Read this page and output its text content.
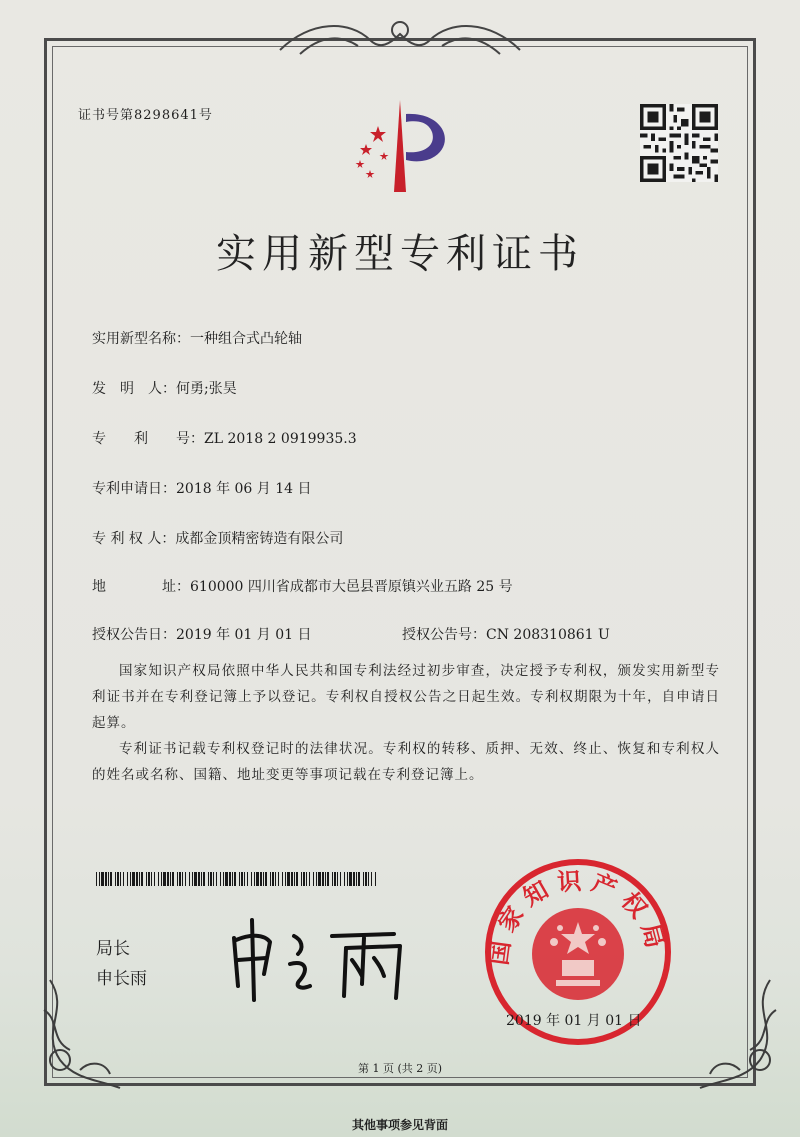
证书号第8298641号
实用新型专利证书
实用新型名称：一种组合式凸轮轴
发　明　人：何勇;张昊
专　　利　　号：ZL 2018 2 0919935.3
专利申请日：2018 年 06 月 14 日
专 利 权 人：成都金顶精密铸造有限公司
地　　　　址：610000 四川省成都市大邑县晋原镇兴业五路 25 号
授权公告日：2019 年 01 月 01 日	授权公告号：CN 208310861 U
国家知识产权局依照中华人民共和国专利法经过初步审查，决定授予专利权，颁发实用新型专利证书并在专利登记簿上予以登记。专利权自授权公告之日起生效。专利权期限为十年，自申请日起算。
专利证书记载专利权登记时的法律状况。专利权的转移、质押、无效、终止、恢复和专利权人的姓名或名称、国籍、地址变更等事项记载在专利登记簿上。
局长
申长雨
国家知识产权局
2019 年 01 月 01 日
第 1 页 (共 2 页)
其他事项参见背面
